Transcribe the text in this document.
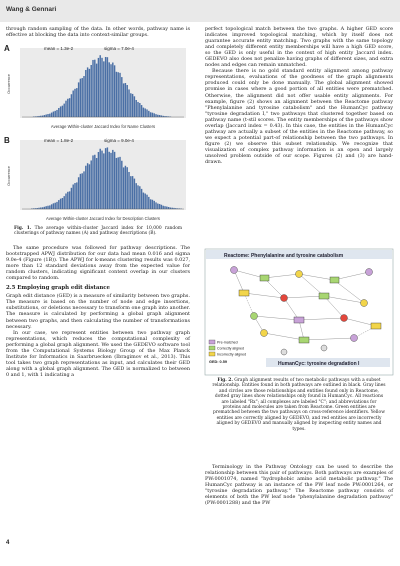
Wang & Gennari

through random sampling of the data. In other words, pathway name is effective at blocking the data into context-similar groups.

A	mean = 1.3e-2	sigma = 7.0e-4
Occurrence
Average Within-cluster Jaccard Index for Name Clusters
B	mean = 1.8e-2	sigma = 9.0e-4
Occurrence
Average Within-cluster Jaccard Index for Description Clusters
Fig. 1. The average within-cluster Jaccard index for 10,000 random clusterings of pathway names (A) and pathway descriptions (B).

The same procedure was followed for pathway descriptions. The bootstrapped APWJ distribution for our data had mean 0.016 and sigma 9.0e-4 (Figure (1B)). The APWJ for k-means clustering results was 0.027, more than 12 standard deviations away from the expected value for random clusters, indicating significant content overlap in our clusters compared to random.

2.5 Employing graph edit distance

Graph edit distance (GED) is a measure of similarity between two graphs. The measure is based on the number of node and edge insertions, substitutions, or deletions necessary to transform one graph into another. The measure is calculated by performing a global graph alignment between two graphs, and then calculating the number of transformations necessary.

In our case, we represent entities between two pathway graph representations, which reduces the computational complexity of performing a global graph alignment. We used the GEDEVO software tool from the Computational Systems Biology Group of the Max Planck Institute for Informatics in Saarbruecken (Ibragimov et al., 2013). This tool takes two graph representations as input, and calculates their GED along with a global graph alignment. The GED is normalized to between 0 and 1, with 1 indicating a

perfect topological match between the two graphs. A higher GED score indicates improved topological matching, which by itself does not guarantee accurate entity matching. Two graphs with the same topology and completely different entity memberships will have a high GED score, so the GED is only useful in the context of high entity Jaccard index. GEDEVO also does not penalize having graphs of different sizes, and extra nodes and edges can remain unmatched.

Because there is no gold standard entity alignment among pathway representations, evaluations of the goodness of the graph alignments produced could only be done manually. The global alignment showed promise in cases where a good portion of all entities were prematched. Otherwise, the alignment did not offer usable entity alignments. For example, figure (2) shows an alignment between the Reactome pathway "Phenylalanine and tyrosine catabolism" and the HumanCyc pathway "tyrosine degradation I," two pathways that clustered together based on pathway name (t-stil scores. The entity memberships of the pathways show overlap (Jaccard index = 0.43). In this case, the entities in the HumanCyc pathway are actually a subset of the entities in the Reactome pathway, so we expect a potential part-of relationship between the two pathways. In figure (2) we observe this subset relationship. We recognize that visualization of complex pathway information is an open and largely unsolved problem outside of our scope. Figures (2) and (3) are hand-drawn.

Reactome: Phenylalanine and tyrosine catabolism
Pre-matched
Correctly aligned
Incorrectly aligned
GED: 0.59	HumanCyc: tyrosine degradation I
Fig. 2. Graph alignment results of two metabolic pathways with a subset relationship. Entities found in both pathways are outlined in black. Gray lines and circles are those relationships and entities found only in Reactome, dotted gray lines show relationships only found in HumanCyc. All reactions are labeled "Rx"; all complexes are labeled "C"; and abbreviations for proteins and molecules are taken from Reactome. Green entities are prematched between the two pathways on cross-reference identifiers. Yellow entities are correctly aligned by GEDEVO, and red entities are incorrectly aligned by GEDEVO and manually aligned by inspecting entity names and types.

Terminology in the Pathway Ontology can be used to describe the relationship between this pair of pathways. Both pathways are examples of PW:0001074, named "hydrophobic amino acid metabolic pathway." The HumanCyc pathway is an instance of the PW leaf node PW:0001264, or "tyrosine degradation pathway." The Reactome pathway consists of elements of both the PW leaf node "phenylalanine degradation pathway" (PW:0001288) and the PW

4
